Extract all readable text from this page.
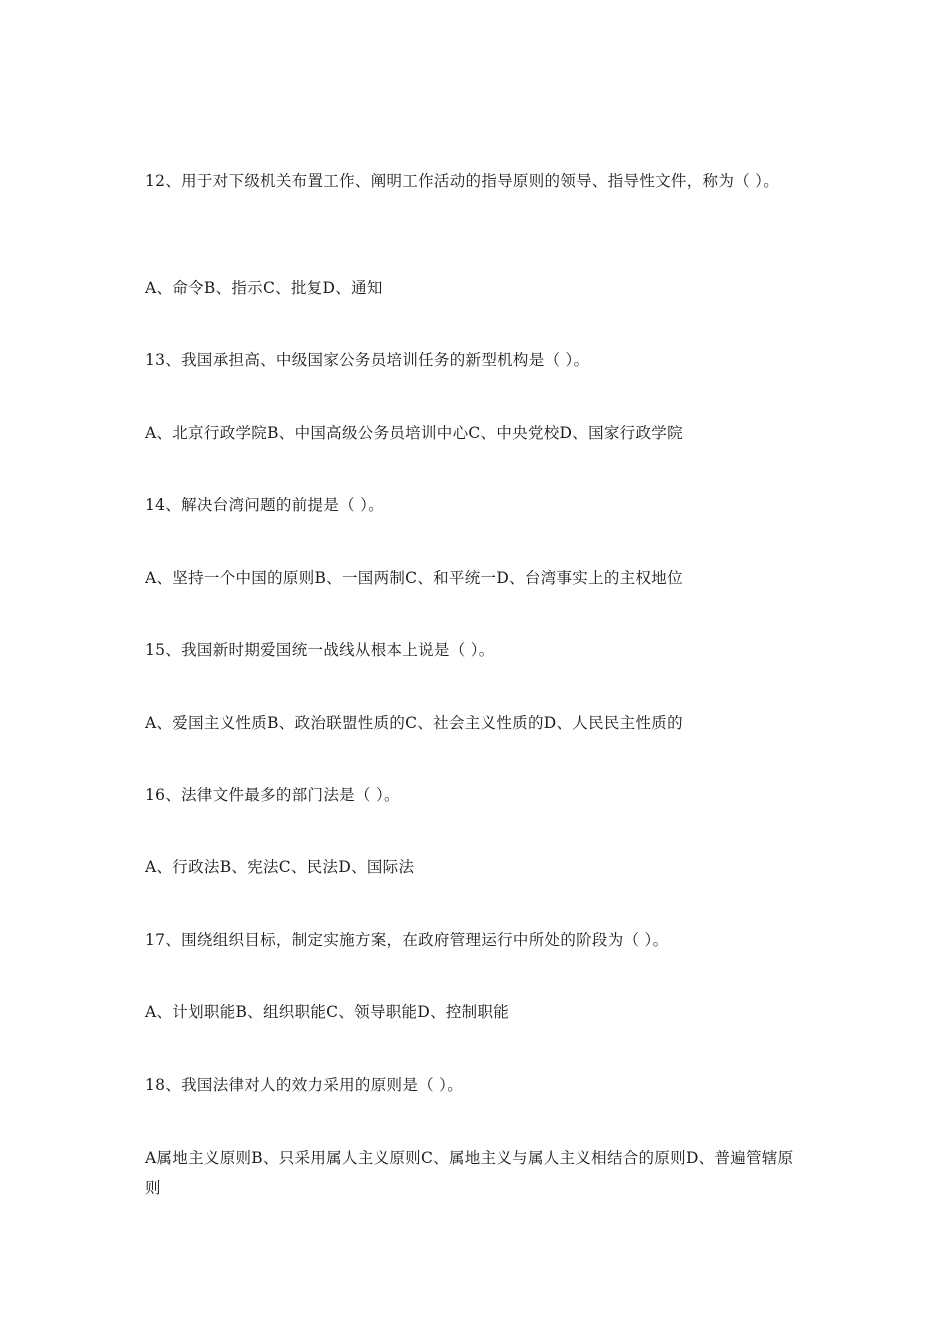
12、用于对下级机关布置工作、阐明工作活动的指导原则的领导、指导性文件，称为（ ）。
A、命令B、指示C、批复D、通知
13、我国承担高、中级国家公务员培训任务的新型机构是（ ）。
A、北京行政学院B、中国高级公务员培训中心C、中央党校D、国家行政学院
14、解决台湾问题的前提是（ ）。
A、坚持一个中国的原则B、一国两制C、和平统一D、台湾事实上的主权地位
15、我国新时期爱国统一战线从根本上说是（ ）。
A、爱国主义性质B、政治联盟性质的C、社会主义性质的D、人民民主性质的
16、法律文件最多的部门法是（ ）。
A、行政法B、宪法C、民法D、国际法
17、围绕组织目标，制定实施方案，在政府管理运行中所处的阶段为（ ）。
A、计划职能B、组织职能C、领导职能D、控制职能
18、我国法律对人的效力采用的原则是（ ）。
A属地主义原则B、只采用属人主义原则C、属地主义与属人主义相结合的原则D、普遍管辖原则
